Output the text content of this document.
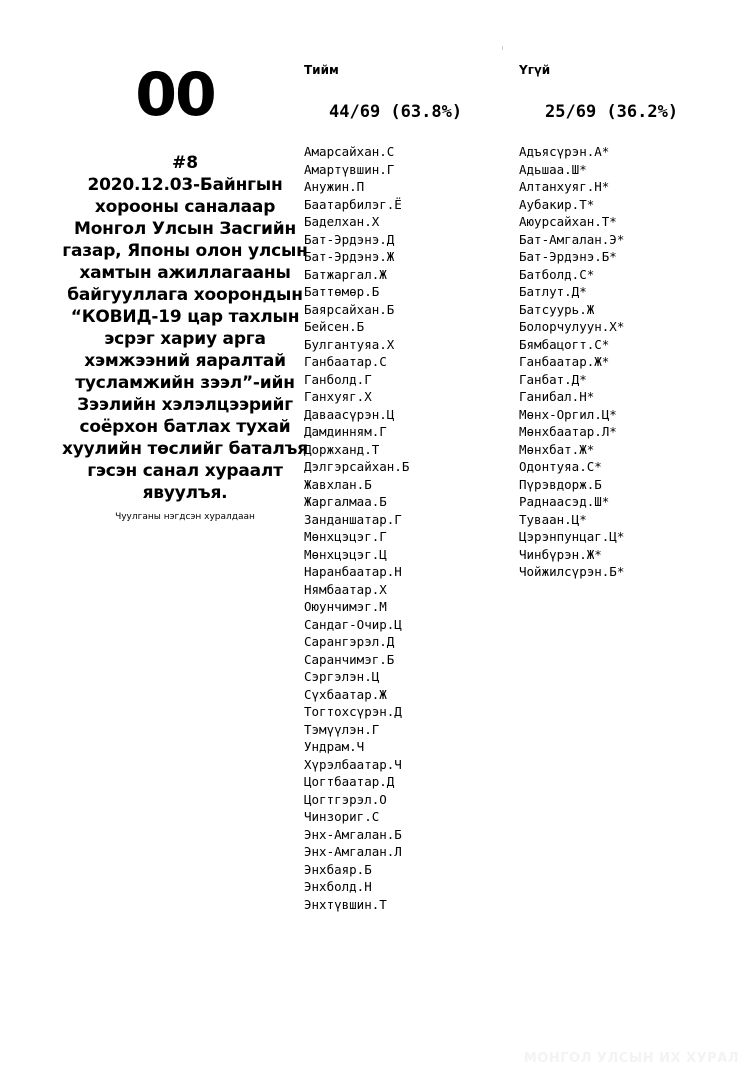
00
#8
2020.12.03-Байнгын хорооны саналаар Монгол Улсын Засгийн газар, Японы олон улсын хамтын ажиллагааны байгууллага хоорондын “КОВИД-19 цар тахлын эсрэг хариу арга хэмжээний яаралтай тусламжийн зээл”-ийн Зээлийн хэлэлцээрийг соёрхон батлах тухай хуулийн төслийг баталъя гэсэн санал хураалт явуулъя.
Чуулганы нэгдсэн хуралдаан
Тийм
44/69 (63.8%)
Амарсайхан.С
Амартүвшин.Г
Анужин.П
Баатарбилэг.Ё
Баделхан.Х
Бат-Эрдэнэ.Д
Бат-Эрдэнэ.Ж
Батжаргал.Ж
Баттөмөр.Б
Баярсайхан.Б
Бейсен.Б
Булгантуяа.Х
Ганбаатар.С
Ганболд.Г
Ганхуяг.Х
Даваасүрэн.Ц
Дамдинням.Г
Доржханд.Т
Дэлгэрсайхан.Б
Жавхлан.Б
Жаргалмаа.Б
Занданшатар.Г
Мөнхцэцэг.Г
Мөнхцэцэг.Ц
Наранбаатар.Н
Нямбаатар.Х
Оюунчимэг.М
Сандаг-Очир.Ц
Сарангэрэл.Д
Саранчимэг.Б
Сэргэлэн.Ц
Сүхбаатар.Ж
Тогтохсүрэн.Д
Тэмүүлэн.Г
Ундрам.Ч
Хүрэлбаатар.Ч
Цогтбаатар.Д
Цогтгэрэл.О
Чинзориг.С
Энх-Амгалан.Б
Энх-Амгалан.Л
Энхбаяр.Б
Энхболд.Н
Энхтүвшин.Т
Үгүй
25/69 (36.2%)
Адъясүрэн.А*
Адьшаа.Ш*
Алтанхуяг.Н*
Аубакир.Т*
Аюурсайхан.Т*
Бат-Амгалан.Э*
Бат-Эрдэнэ.Б*
Батболд.С*
Батлут.Д*
Батсуурь.Ж
Болорчулуун.Х*
Бямбацогт.С*
Ганбаатар.Ж*
Ганбат.Д*
Ганибал.Н*
Мөнх-Оргил.Ц*
Мөнхбаатар.Л*
Мөнхбат.Ж*
Одонтуяа.С*
Пүрэвдорж.Б
Раднаасэд.Ш*
Туваан.Ц*
Цэрэнпунцаг.Ц*
Чинбүрэн.Ж*
Чойжилсүрэн.Б*
МОНГОЛ УЛСЫН ИХ ХУРАЛ
